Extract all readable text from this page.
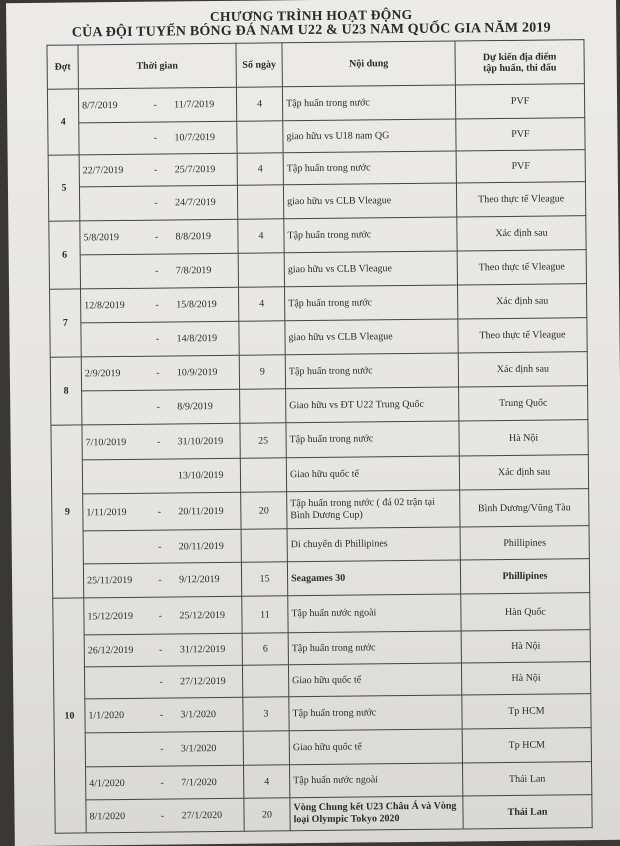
CHƯƠNG TRÌNH HOẠT ĐỘNG
CỦA ĐỘI TUYỂN BÓNG ĐÁ NAM U22 & U23 NAM QUỐC GIA NĂM 2019
Đợt	Thời gian	Số ngày	Nội dung	Dự kiến địa điểm
tập huấn, thi đấu

4	8/7/2019 - 11/7/2019	4	Tập huấn trong nước	PVF
	- 10/7/2019		giao hữu vs U18 nam QG	PVF
5	22/7/2019 - 25/7/2019	4	Tập huấn trong nước	PVF
	- 24/7/2019		giao hữu vs CLB Vleague	Theo thực tế Vleague
6	5/8/2019 - 8/8/2019	4	Tập huấn trong nước	Xác định sau
	- 7/8/2019		giao hữu vs CLB Vleague	Theo thực tế Vleague
7	12/8/2019 - 15/8/2019	4	Tập huấn trong nước	Xác định sau
	- 14/8/2019		giao hữu vs CLB Vleague	Theo thực tế Vleague
8	2/9/2019 - 10/9/2019	9	Tập huấn trong nước	Xác định sau
	- 8/9/2019		Giao hữu vs ĐT U22 Trung Quốc	Trung Quốc
9	7/10/2019 - 31/10/2019	25	Tập huấn trong nước	Hà Nội
	13/10/2019		Giao hữu quốc tế	Xác định sau
	1/11/2019 - 20/11/2019	20	Tập huấn trong nước ( đá 02 trận tại Bình Dương Cup)	Bình Dương/Vũng Tàu
	- 20/11/2019		Di chuyển đi Phillipines	Phillipines
	25/11/2019 - 9/12/2019	15	Seagames 30	Phillipines
10	15/12/2019 - 25/12/2019	11	Tập huấn nước ngoài	Hàn Quốc
	26/12/2019 - 31/12/2019	6	Tập huấn trong nước	Hà Nội
	- 27/12/2019		Giao hữu quốc tế	Hà Nội
	1/1/2020 - 3/1/2020	3	Tập huấn trong nước	Tp HCM
	- 3/1/2020		Giao hữu quốc tế	Tp HCM
	4/1/2020 - 7/1/2020	4	Tập huấn nước ngoài	Thái Lan
	8/1/2020 - 27/1/2020	20	Vòng Chung kết U23 Châu Á và Vòng loại Olympic Tokyo 2020	Thái Lan
